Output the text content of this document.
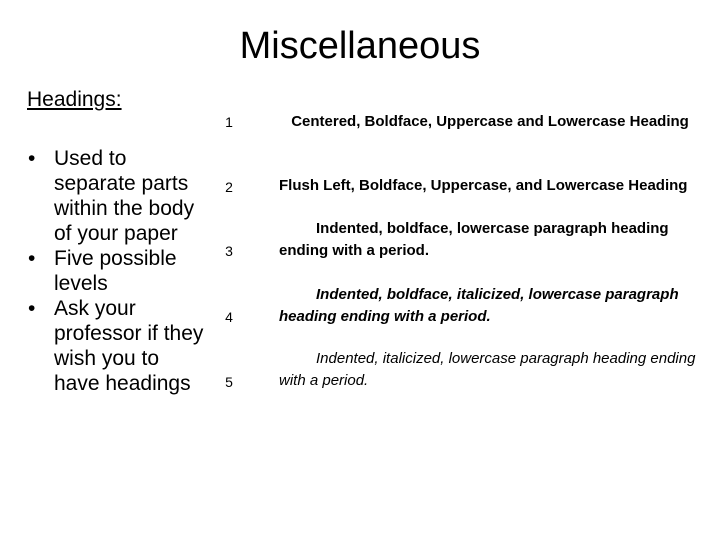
Miscellaneous
Headings:
• Used to separate parts within the body of your paper
• Five possible levels
• Ask your professor if they wish you to have headings
1	Centered, Boldface, Uppercase and Lowercase Heading
2	Flush Left, Boldface, Uppercase, and Lowercase Heading
3
Indented, boldface, lowercase paragraph heading ending with a period.
4
Indented, boldface, italicized, lowercase paragraph heading ending with a period.
5
Indented, italicized, lowercase paragraph heading ending with a period.
